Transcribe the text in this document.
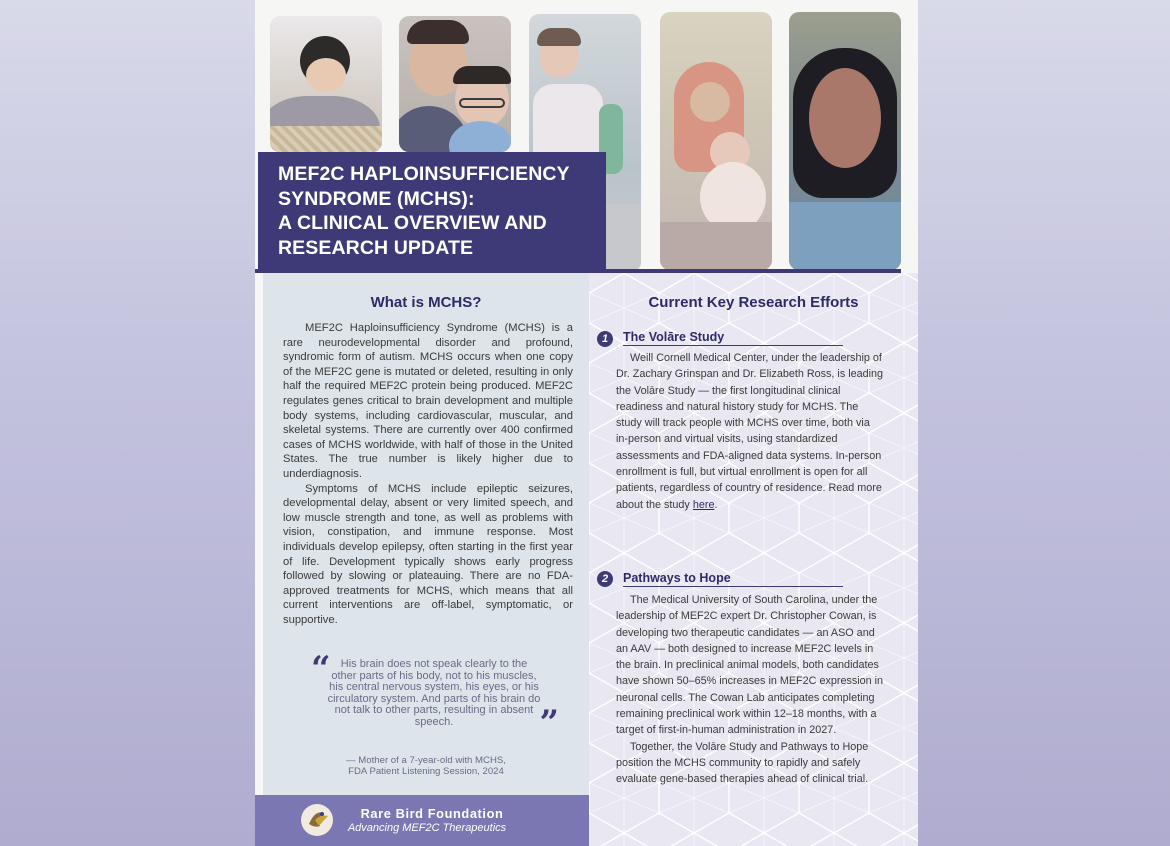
MEF2C HAPLOINSUFFICIENCY
SYNDROME (MCHS):
A CLINICAL OVERVIEW AND
RESEARCH UPDATE
What is MCHS?

MEF2C Haploinsufficiency Syndrome (MCHS) is a rare neurodevelopmental disorder and profound, syndromic form of autism. MCHS occurs when one copy of the MEF2C gene is mutated or deleted, resulting in only half the required MEF2C protein being produced. MEF2C regulates genes critical to brain development and multiple body systems, including cardiovascular, muscular, and skeletal systems. There are currently over 400 confirmed cases of MCHS worldwide, with half of those in the United States. The true number is likely higher due to underdiagnosis.

Symptoms of MCHS include epileptic seizures, developmental delay, absent or very limited speech, and low muscle strength and tone, as well as problems with vision, constipation, and immune response. Most individuals develop epilepsy, often starting in the first year of life. Development typically shows early progress followed by slowing or plateauing. There are no FDA-approved treatments for MCHS, which means that all current interventions are off-label, symptomatic, or supportive.

“ His brain does not speak clearly to the other parts of his body, not to his muscles, his central nervous system, his eyes, or his circulatory system. And parts of his brain do not talk to other parts, resulting in absent speech.	”

— Mother of a 7-year-old with MCHS,
FDA Patient Listening Session, 2024

Rare Bird Foundation
Advancing MEF2C Therapeutics
Current Key Research Efforts
1	The Volāre Study

Weill Cornell Medical Center, under the leadership of Dr. Zachary Grinspan and Dr. Elizabeth Ross, is leading the Volāre Study — the first longitudinal clinical readiness and natural history study for MCHS. The study will track people with MCHS over time, both via in-person and virtual visits, using standardized assessments and FDA-aligned data systems. In-person enrollment is full, but virtual enrollment is open for all patients, regardless of country of residence. Read more about the study here.

2	Pathways to Hope

The Medical University of South Carolina, under the leadership of MEF2C expert Dr. Christopher Cowan, is developing two therapeutic candidates — an ASO and an AAV — both designed to increase MEF2C levels in the brain. In preclinical animal models, both candidates have shown 50–65% increases in MEF2C expression in neuronal cells. The Cowan Lab anticipates completing remaining preclinical work within 12–18 months, with a target of first-in-human administration in 2027.

Together, the Volāre Study and Pathways to Hope position the MCHS community to rapidly and safely evaluate gene-based therapies ahead of clinical trial.
